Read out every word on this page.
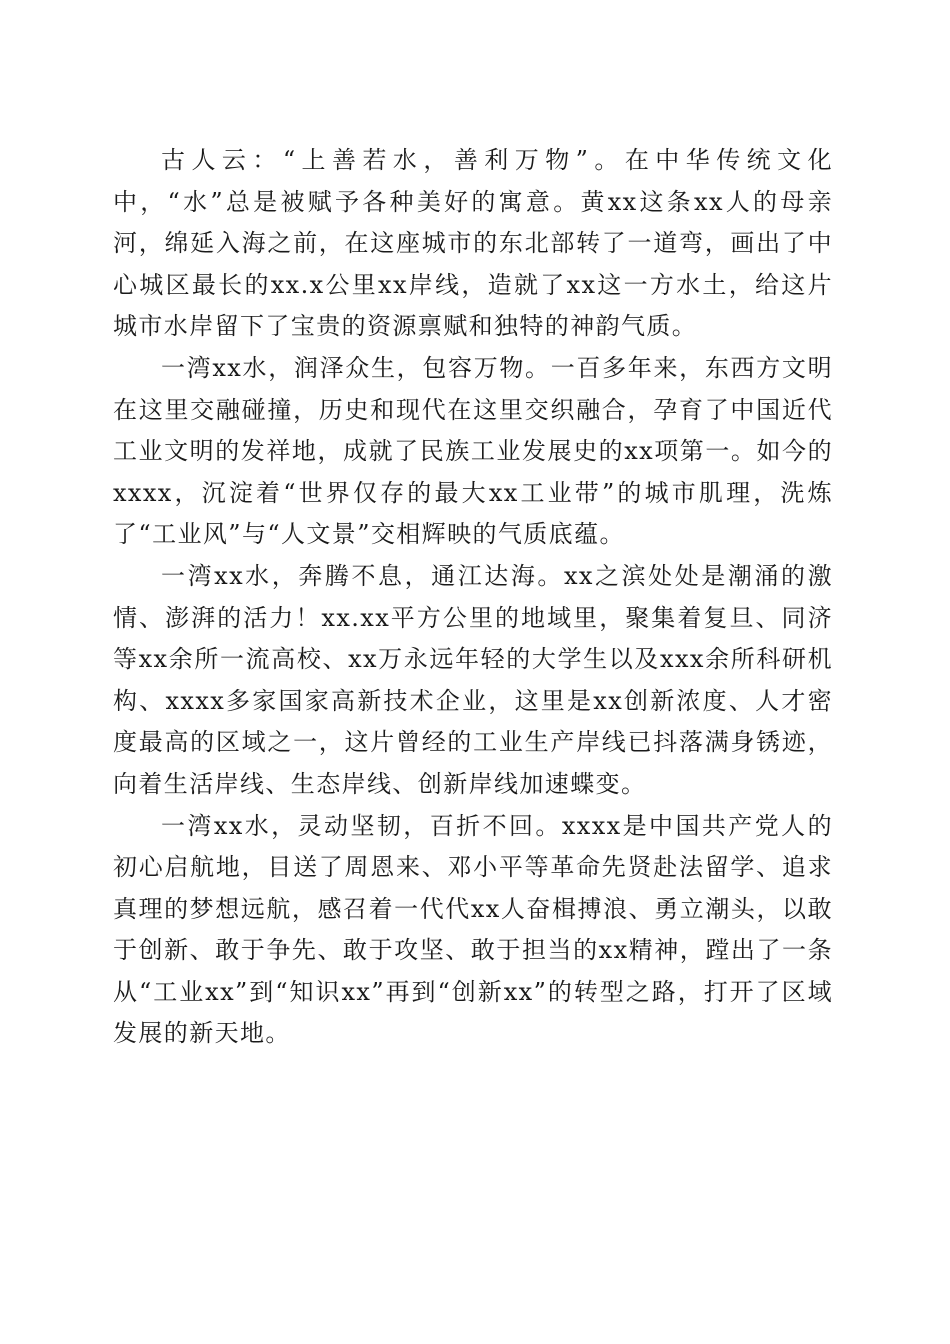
古人云：“上善若水，善利万物”。在中华传统文化中，“水”总是被赋予各种美好的寓意。黄xx这条xx人的母亲河，绵延入海之前，在这座城市的东北部转了一道弯，画出了中心城区最长的xx.x公里xx岸线，造就了xx这一方水土，给这片城市水岸留下了宝贵的资源禀赋和独特的神韵气质。

一湾xx水，润泽众生，包容万物。一百多年来，东西方文明在这里交融碰撞，历史和现代在这里交织融合，孕育了中国近代工业文明的发祥地，成就了民族工业发展史的xx项第一。如今的xxxx，沉淀着“世界仅存的最大xx工业带”的城市肌理，洗炼了“工业风”与“人文景”交相辉映的气质底蕴。

一湾xx水，奔腾不息，通江达海。xx之滨处处是潮涌的激情、澎湃的活力！xx.xx平方公里的地域里，聚集着复旦、同济等xx余所一流高校、xx万永远年轻的大学生以及xxx余所科研机构、xxxx多家国家高新技术企业，这里是xx创新浓度、人才密度最高的区域之一，这片曾经的工业生产岸线已抖落满身锈迹，向着生活岸线、生态岸线、创新岸线加速蝶变。

一湾xx水，灵动坚韧，百折不回。xxxx是中国共产党人的初心启航地，目送了周恩来、邓小平等革命先贤赴法留学、追求真理的梦想远航，感召着一代代xx人奋楫搏浪、勇立潮头，以敢于创新、敢于争先、敢于攻坚、敢于担当的xx精神，蹚出了一条从“工业xx”到“知识xx”再到“创新xx”的转型之路，打开了区域发展的新天地。
